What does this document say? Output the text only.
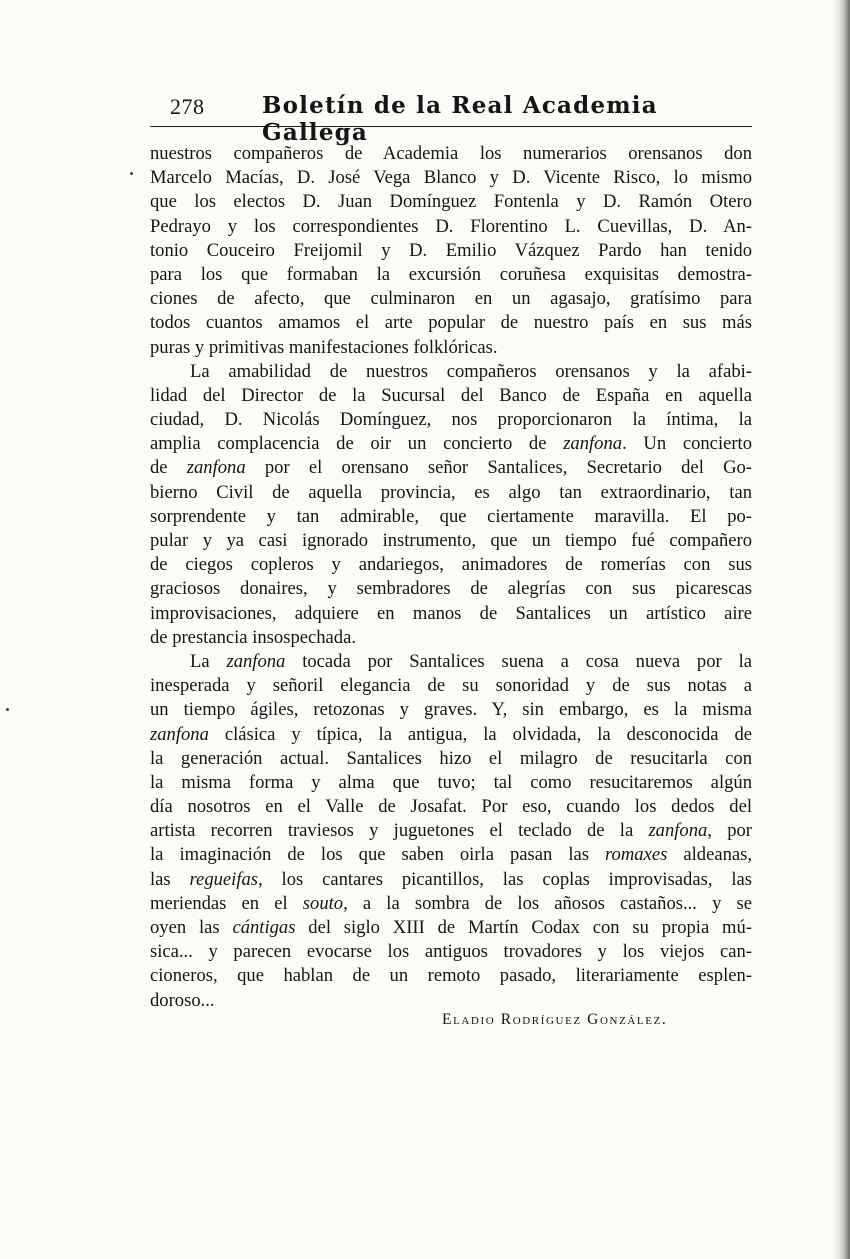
278	Boletín de la Real Academia Gallega
nuestros compañeros de Academia los numerarios orensanos don
Marcelo Macías, D. José Vega Blanco y D. Vicente Risco, lo mismo
que los electos D. Juan Domínguez Fontenla y D. Ramón Otero
Pedrayo y los correspondientes D. Florentino L. Cuevillas, D. An-
tonio Couceiro Freijomil y D. Emilio Vázquez Pardo han tenido
para los que formaban la excursión coruñesa exquisitas demostra-
ciones de afecto, que culminaron en un agasajo, gratísimo para
todos cuantos amamos el arte popular de nuestro país en sus más
puras y primitivas manifestaciones folklóricas.
La amabilidad de nuestros compañeros orensanos y la afabi-
lidad del Director de la Sucursal del Banco de España en aquella
ciudad, D. Nicolás Domínguez, nos proporcionaron la íntima, la
amplia complacencia de oir un concierto de zanfona. Un concierto
de zanfona por el orensano señor Santalices, Secretario del Go-
bierno Civil de aquella provincia, es algo tan extraordinario, tan
sorprendente y tan admirable, que ciertamente maravilla. El po-
pular y ya casi ignorado instrumento, que un tiempo fué compañero
de ciegos copleros y andariegos, animadores de romerías con sus
graciosos donaires, y sembradores de alegrías con sus picarescas
improvisaciones, adquiere en manos de Santalices un artístico aire
de prestancia insospechada.
La zanfona tocada por Santalices suena a cosa nueva por la
inesperada y señoril elegancia de su sonoridad y de sus notas a
un tiempo ágiles, retozonas y graves. Y, sin embargo, es la misma
zanfona clásica y típica, la antigua, la olvidada, la desconocida de
la generación actual. Santalices hizo el milagro de resucitarla con
la misma forma y alma que tuvo; tal como resucitaremos algún
día nosotros en el Valle de Josafat. Por eso, cuando los dedos del
artista recorren traviesos y juguetones el teclado de la zanfona, por
la imaginación de los que saben oirla pasan las romaxes aldeanas,
las regueifas, los cantares picantillos, las coplas improvisadas, las
meriendas en el souto, a la sombra de los añosos castaños... y se
oyen las cántigas del siglo XIII de Martín Codax con su propia mú-
sica... y parecen evocarse los antiguos trovadores y los viejos can-
cioneros, que hablan de un remoto pasado, literariamente esplen-
doroso...
Eladio Rodríguez González.
